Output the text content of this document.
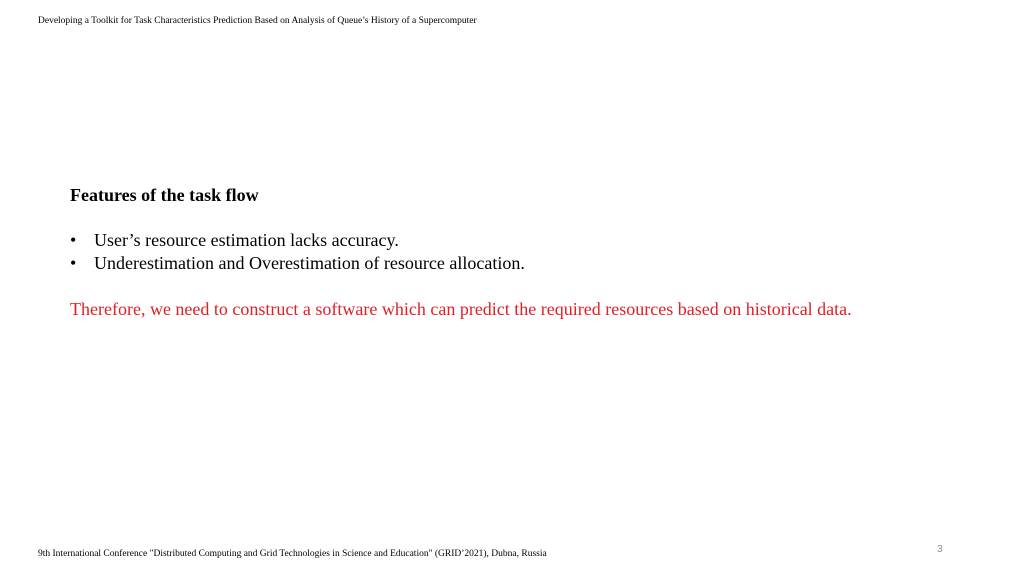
Developing a Toolkit for Task Characteristics Prediction Based on Analysis of Queue’s History of a Supercomputer
Features of the task flow
• User’s resource estimation lacks accuracy.
• Underestimation and Overestimation of resource allocation.

Therefore, we need to construct a software which can predict the required resources based on historical data.

9th International Conference "Distributed Computing and Grid Technologies in Science and Education" (GRID’2021), Dubna, Russia	3
